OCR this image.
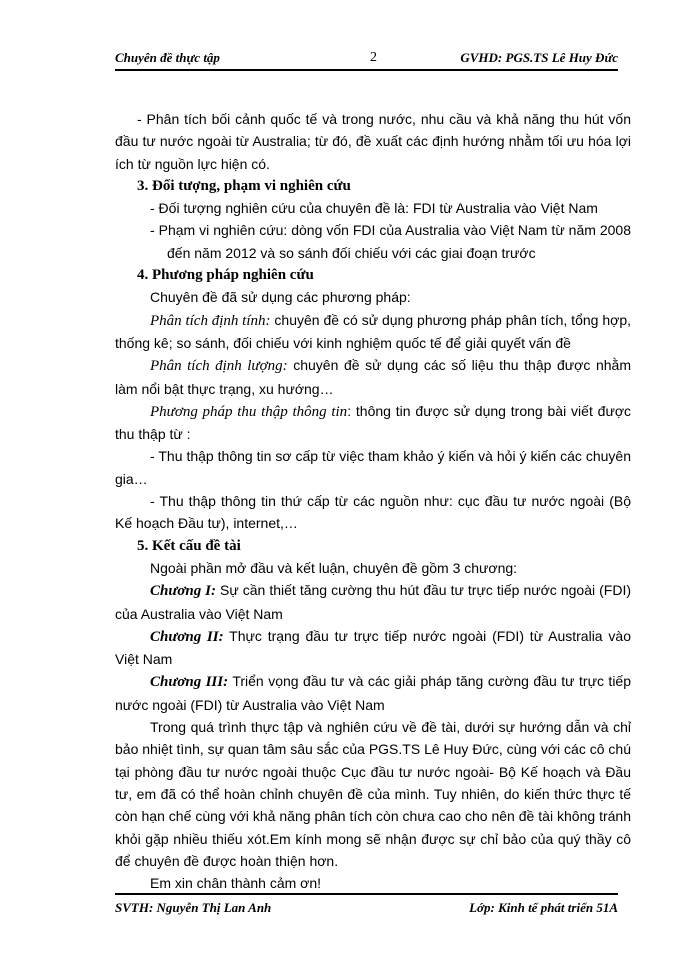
Chuyên đề thực tập	2	GVHD: PGS.TS Lê Huy Đức

- Phân tích bối cảnh quốc tế và trong nước, nhu cầu và khả năng thu hút vốn đầu tư nước ngoài từ Australia; từ đó, đề xuất các định hướng nhằm tối ưu hóa lợi ích từ nguồn lực hiện có.

3. Đối tượng, phạm vi nghiên cứu

- Đối tượng nghiên cứu của chuyên đề là: FDI từ Australia vào Việt Nam

- Phạm vi nghiên cứu: dòng vốn FDI của Australia vào Việt Nam từ năm 2008 đến năm 2012 và so sánh đối chiếu với các giai đoạn trước

4. Phương pháp nghiên cứu

Chuyên đề đã sử dụng các phương pháp:

Phân tích định tính: chuyên đề có sử dụng phương pháp phân tích, tổng hợp, thống kê; so sánh, đối chiếu với kinh nghiệm quốc tế để giải quyết vấn đề

Phân tích định lượng: chuyên đề sử dụng các số liệu thu thập được nhằm làm nổi bật thực trạng, xu hướng…

Phương pháp thu thập thông tin: thông tin được sử dụng trong bài viết được thu thập từ :

- Thu thập thông tin sơ cấp từ việc tham khảo ý kiến và hỏi ý kiến các chuyên gia…

- Thu thập thông tin thứ cấp từ các nguồn như: cục đầu tư nước ngoài (Bộ Kế hoạch Đầu tư), internet,…

5. Kết cấu đề tài

Ngoài phần mở đầu và kết luận, chuyên đề gồm 3 chương:

Chương I: Sự cần thiết tăng cường thu hút đầu tư trực tiếp nước ngoài (FDI) của Australia vào Việt Nam

Chương II: Thực trạng đầu tư trực tiếp nước ngoài (FDI) từ Australia vào Việt Nam

Chương III: Triển vọng đầu tư và các giải pháp tăng cường đầu tư trực tiếp nước ngoài (FDI) từ Australia vào Việt Nam

Trong quá trình thực tập và nghiên cứu về đề tài, dưới sự hướng dẫn và chỉ bảo nhiệt tình, sự quan tâm sâu sắc của PGS.TS Lê Huy Đức, cùng với các cô chú tại phòng đầu tư nước ngoài thuộc Cục đầu tư nước ngoài- Bộ Kế hoạch và Đầu tư, em đã có thể hoàn chỉnh chuyên đề của mình. Tuy nhiên, do kiến thức thực tế còn hạn chế cùng với khả năng phân tích còn chưa cao cho nên đề tài không tránh khỏi gặp nhiều thiếu xót.Em kính mong sẽ nhận được sự chỉ bảo của quý thầy cô để chuyên đề được hoàn thiện hơn.

Em xin chân thành cảm ơn!

SVTH: Nguyễn Thị Lan Anh	Lớp: Kinh tế phát triển 51A
